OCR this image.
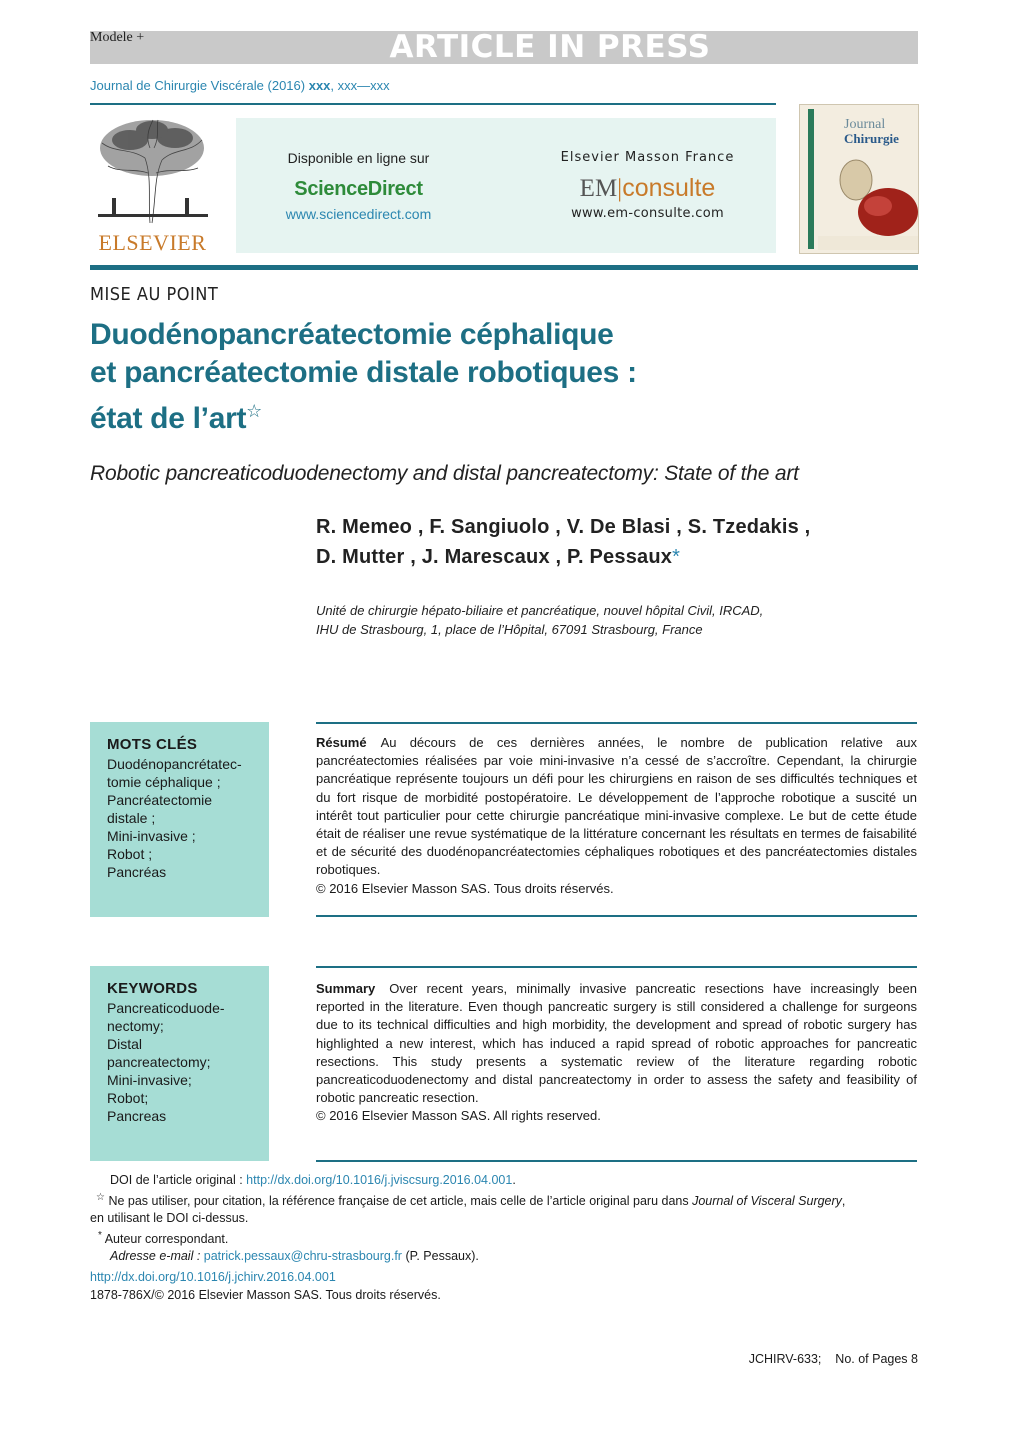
ARTICLE IN PRESS
Modele +
Journal de Chirurgie Viscérale (2016) xxx, xxx—xxx
ELSEVIER
Disponible en ligne sur
ScienceDirect
www.sciencedirect.com
Elsevier Masson France
EM|consulte
www.em-consulte.com
Journal
Chirurgie
MISE AU POINT
Duodénopancréatectomie céphalique
et pancréatectomie distale robotiques :
état de l’art☆
Robotic pancreaticoduodenectomy and distal pancreatectomy: State of the art
R. Memeo , F. Sangiuolo , V. De Blasi , S. Tzedakis ,
D. Mutter , J. Marescaux , P. Pessaux*
Unité de chirurgie hépato-biliaire et pancréatique, nouvel hôpital Civil, IRCAD,
IHU de Strasbourg, 1, place de l’Hôpital, 67091 Strasbourg, France
MOTS CLÉS
Duodénopancrétatec-
tomie céphalique ;
Pancréatectomie
distale ;
Mini-invasive ;
Robot ;
Pancréas
Résumé Au décours de ces dernières années, le nombre de publication relative aux pancréatectomies réalisées par voie mini-invasive n’a cessé de s’accroître. Cependant, la chirurgie pancréatique représente toujours un défi pour les chirurgiens en raison de ses difficultés techniques et du fort risque de morbidité postopératoire. Le développement de l’approche robotique a suscité un intérêt tout particulier pour cette chirurgie pancréatique mini-invasive complexe. Le but de cette étude était de réaliser une revue systématique de la littérature concernant les résultats en termes de faisabilité et de sécurité des duodénopancréatectomies céphaliques robotiques et des pancréatectomies distales robotiques.
© 2016 Elsevier Masson SAS. Tous droits réservés.
KEYWORDS
Pancreaticoduode-
nectomy;
Distal
pancreatectomy;
Mini-invasive;
Robot;
Pancreas
Summary Over recent years, minimally invasive pancreatic resections have increasingly been reported in the literature. Even though pancreatic surgery is still considered a challenge for surgeons due to its technical difficulties and high morbidity, the development and spread of robotic surgery has highlighted a new interest, which has induced a rapid spread of robotic approaches for pancreatic resections. This study presents a systematic review of the literature regarding robotic pancreaticoduodenectomy and distal pancreatectomy in order to assess the safety and feasibility of robotic pancreatic resection.
© 2016 Elsevier Masson SAS. All rights reserved.
DOI de l’article original : http://dx.doi.org/10.1016/j.jviscsurg.2016.04.001.
☆ Ne pas utiliser, pour citation, la référence française de cet article, mais celle de l’article original paru dans Journal of Visceral Surgery,
en utilisant le DOI ci-dessus.
* Auteur correspondant.
Adresse e-mail : patrick.pessaux@chru-strasbourg.fr (P. Pessaux).
http://dx.doi.org/10.1016/j.jchirv.2016.04.001
1878-786X/© 2016 Elsevier Masson SAS. Tous droits réservés.
JCHIRV-633;    No. of Pages 8
